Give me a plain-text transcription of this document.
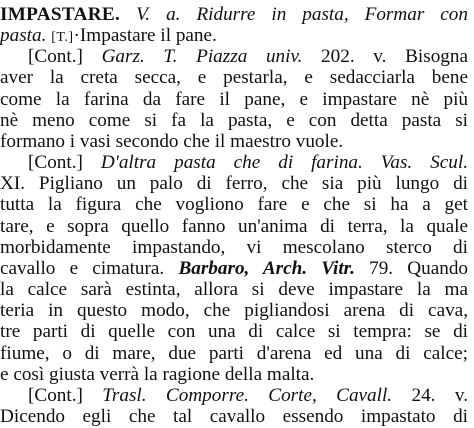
IMPASTARE. V. a. Ridurre in pasta, Formar con
pasta. [T.]·Impastare il pane.
[Cont.] Garz. T. Piazza univ. 202. v. Bisogna
aver la creta secca, e pestarla, e sedacciarla bene
come la farina da fare il pane, e impastare nè più
nè meno come si fa la pasta, e con detta pasta si
formano i vasi secondo che il maestro vuole.
[Cont.] D'altra pasta che di farina. Vas. Scul.
XI. Pigliano un palo di ferro, che sia più lungo di
tutta la figura che vogliono fare e che si ha a get
tare, e sopra quello fanno un'anima di terra, la quale
morbidamente impastando, vi mescolano sterco di
cavallo e cimatura. Barbaro, Arch. Vitr. 79. Quando
la calce sarà estinta, allora si deve impastare la ma
teria in questo modo, che pigliandosi arena di cava,
tre parti di quelle con una di calce si tempra: se di
fiume, o di mare, due parti d'arena ed una di calce;
e così giusta verrà la ragione della malta.
[Cont.] Trasl. Comporre. Corte, Cavall. 24. v.
Dicendo egli che tal cavallo essendo impastato di
